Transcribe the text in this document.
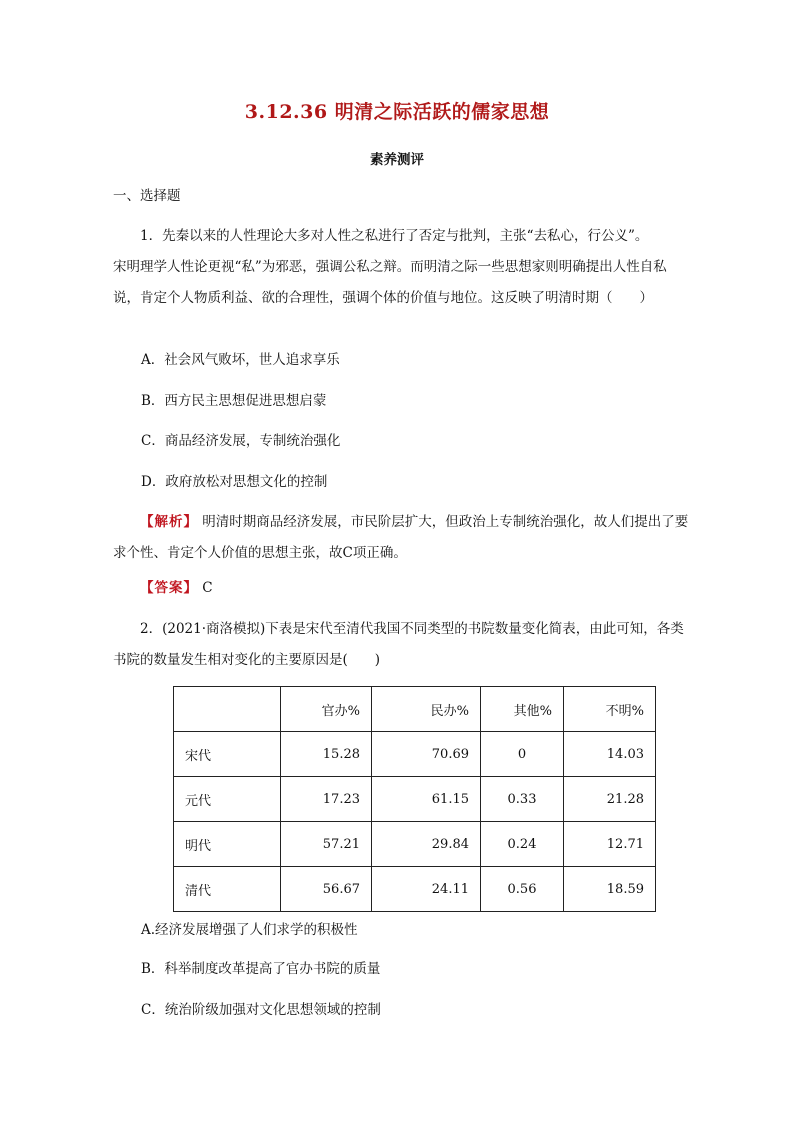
3.12.36 明清之际活跃的儒家思想
素养测评
一、选择题
1．先秦以来的人性理论大多对人性之私进行了否定与批判，主张“去私心，行公义”。
宋明理学人性论更视“私”为邪恶，强调公私之辩。而明清之际一些思想家则明确提出人性自私说，肯定个人物质利益、欲的合理性，强调个体的价值与地位。这反映了明清时期（　　）
A．社会风气败坏，世人追求享乐
B．西方民主思想促进思想启蒙
C．商品经济发展，专制统治强化
D．政府放松对思想文化的控制
【解析】 明清时期商品经济发展，市民阶层扩大，但政治上专制统治强化，故人们提出了要求个性、肯定个人价值的思想主张，故C项正确。
【答案】 C
2．(2021·商洛模拟)下表是宋代至清代我国不同类型的书院数量变化简表，由此可知，各类书院的数量发生相对变化的主要原因是(　　)
	官办%	民办%	其他%	不明%
宋代	15.28	70.69	0	14.03
元代	17.23	61.15	0.33	21.28
明代	57.21	29.84	0.24	12.71
清代	56.67	24.11	0.56	18.59
A.经济发展增强了人们求学的积极性
B．科举制度改革提高了官办书院的质量
C．统治阶级加强对文化思想领域的控制
